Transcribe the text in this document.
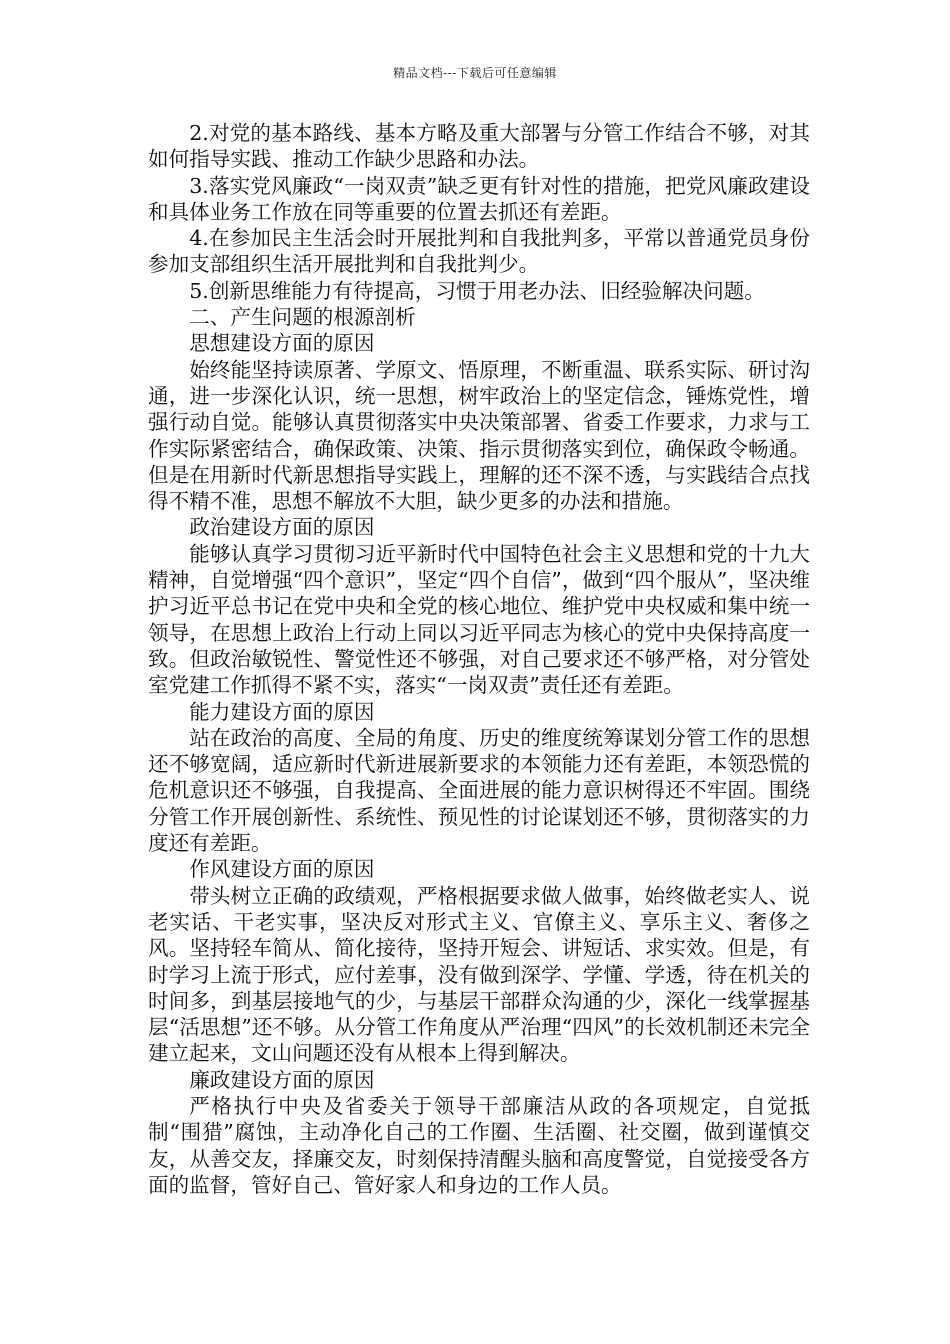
精品文档---下载后可任意编辑

2.对党的基本路线、基本方略及重大部署与分管工作结合不够，对其如何指导实践、推动工作缺少思路和办法。

3.落实党风廉政“一岗双责”缺乏更有针对性的措施，把党风廉政建设和具体业务工作放在同等重要的位置去抓还有差距。

4.在参加民主生活会时开展批判和自我批判多，平常以普通党员身份参加支部组织生活开展批判和自我批判少。

5.创新思维能力有待提高，习惯于用老办法、旧经验解决问题。

二、产生问题的根源剖析

思想建设方面的原因

始终能坚持读原著、学原文、悟原理，不断重温、联系实际、研讨沟通，进一步深化认识，统一思想，树牢政治上的坚定信念，锤炼党性，增强行动自觉。能够认真贯彻落实中央决策部署、省委工作要求，力求与工作实际紧密结合，确保政策、决策、指示贯彻落实到位，确保政令畅通。但是在用新时代新思想指导实践上，理解的还不深不透，与实践结合点找得不精不准，思想不解放不大胆，缺少更多的办法和措施。

政治建设方面的原因

能够认真学习贯彻习近平新时代中国特色社会主义思想和党的十九大精神，自觉增强“四个意识”，坚定“四个自信”，做到“四个服从”，坚决维护习近平总书记在党中央和全党的核心地位、维护党中央权威和集中统一领导，在思想上政治上行动上同以习近平同志为核心的党中央保持高度一致。但政治敏锐性、警觉性还不够强，对自己要求还不够严格，对分管处室党建工作抓得不紧不实，落实“一岗双责”责任还有差距。

能力建设方面的原因

站在政治的高度、全局的角度、历史的维度统筹谋划分管工作的思想还不够宽阔，适应新时代新进展新要求的本领能力还有差距，本领恐慌的危机意识还不够强，自我提高、全面进展的能力意识树得还不牢固。围绕分管工作开展创新性、系统性、预见性的讨论谋划还不够，贯彻落实的力度还有差距。

作风建设方面的原因

带头树立正确的政绩观，严格根据要求做人做事，始终做老实人、说老实话、干老实事，坚决反对形式主义、官僚主义、享乐主义、奢侈之风。坚持轻车简从、简化接待，坚持开短会、讲短话、求实效。但是，有时学习上流于形式，应付差事，没有做到深学、学懂、学透，待在机关的时间多，到基层接地气的少，与基层干部群众沟通的少，深化一线掌握基层“活思想”还不够。从分管工作角度从严治理“四风”的长效机制还未完全建立起来，文山问题还没有从根本上得到解决。

廉政建设方面的原因

严格执行中央及省委关于领导干部廉洁从政的各项规定，自觉抵制“围猎”腐蚀，主动净化自己的工作圈、生活圈、社交圈，做到谨慎交友，从善交友，择廉交友，时刻保持清醒头脑和高度警觉，自觉接受各方面的监督，管好自己、管好家人和身边的工作人员。
